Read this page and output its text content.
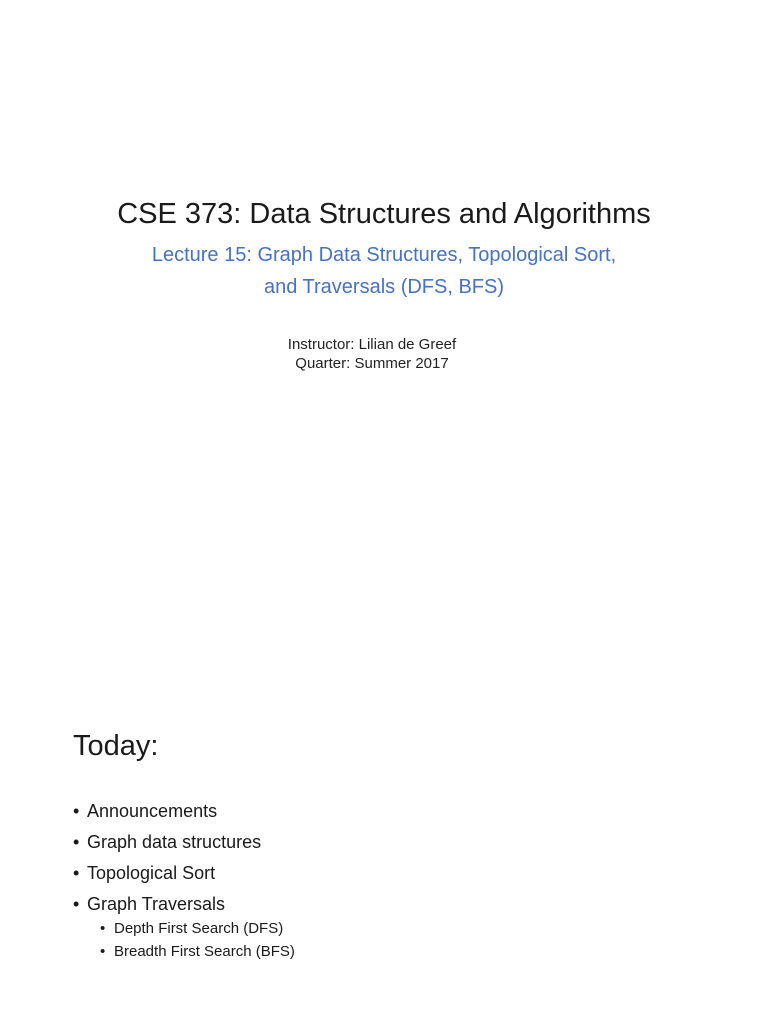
CSE 373: Data Structures and Algorithms
Lecture 15: Graph Data Structures, Topological Sort,
and Traversals (DFS, BFS)
Instructor: Lilian de Greef
Quarter: Summer 2017
Today:
• Announcements
• Graph data structures
• Topological Sort
• Graph Traversals
• Depth First Search (DFS)
• Breadth First Search (BFS)
